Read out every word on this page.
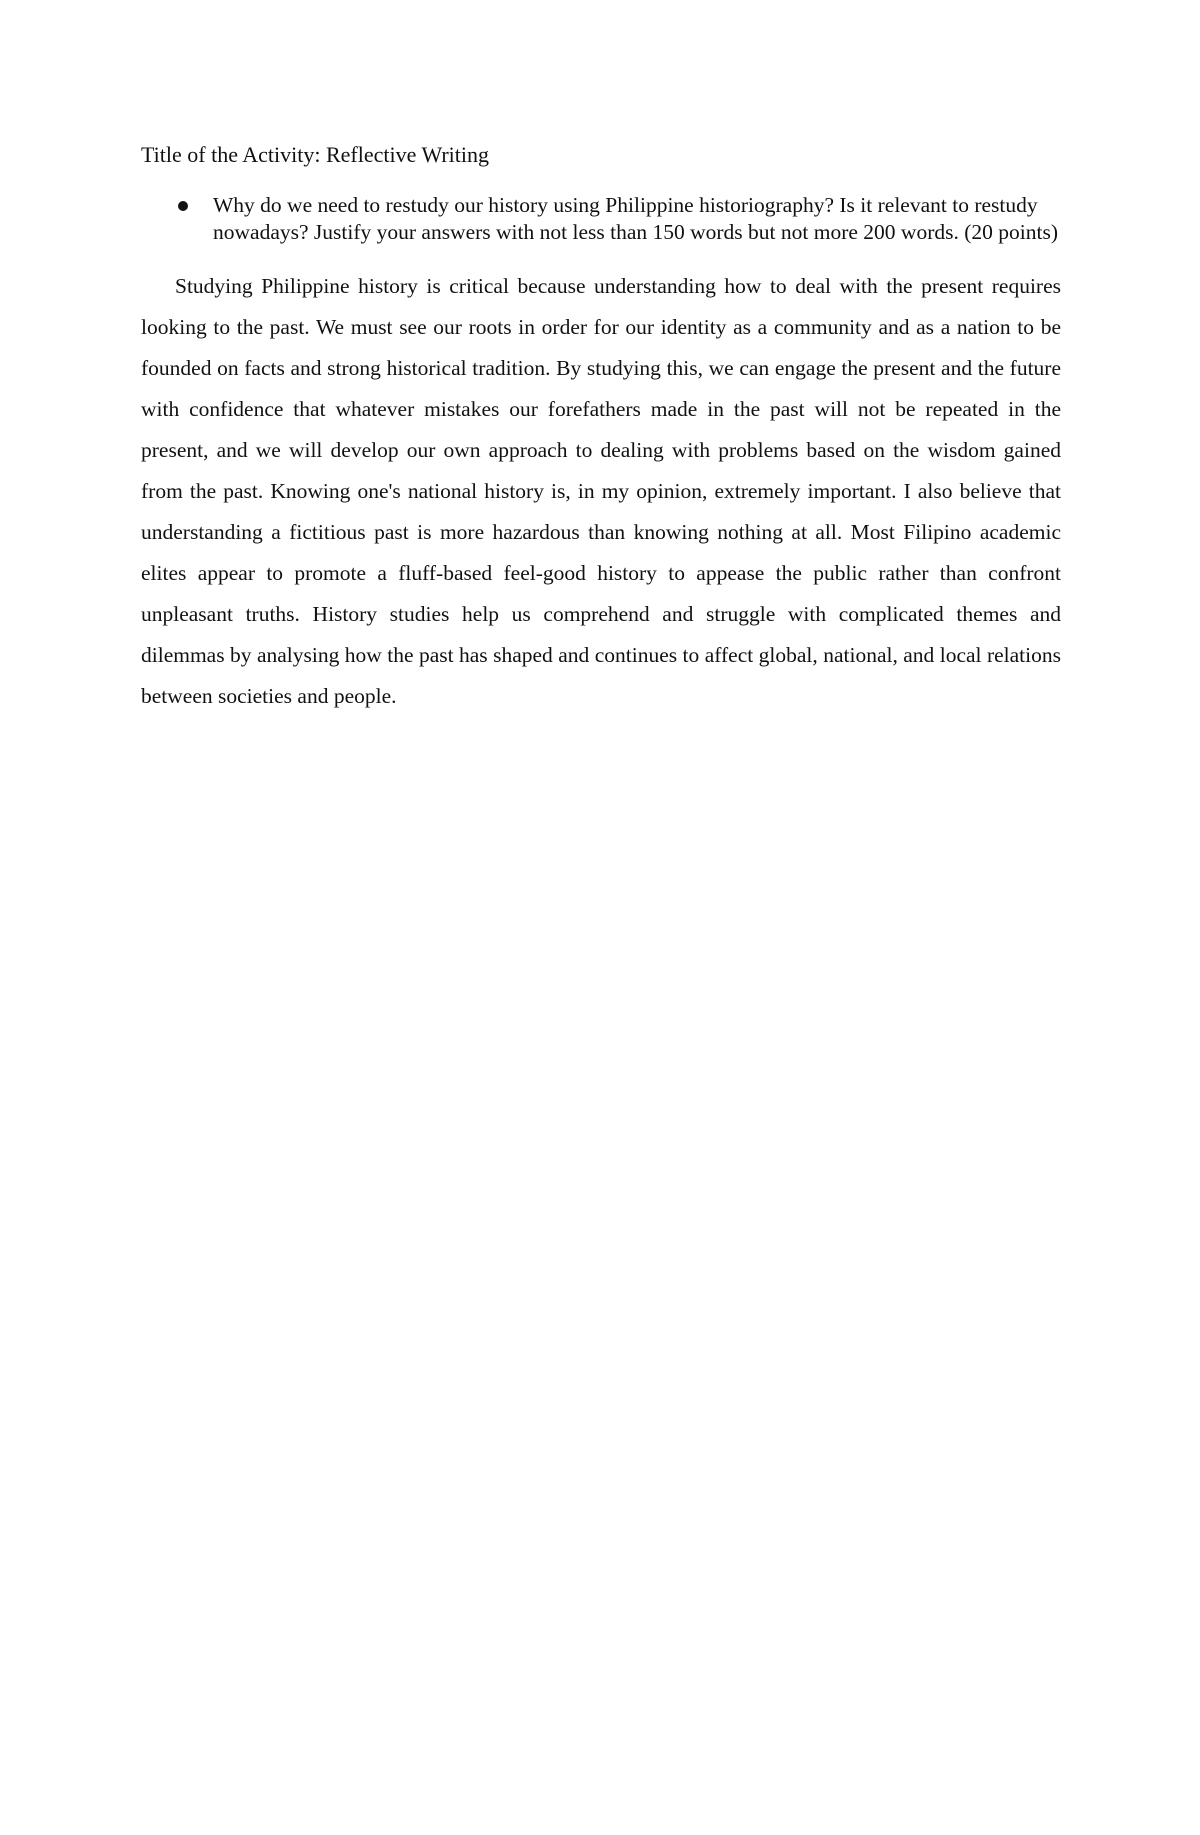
Title of the Activity: Reflective Writing

Why do we need to restudy our history using Philippine historiography? Is it relevant to restudy nowadays? Justify your answers with not less than 150 words but not more 200 words. (20 points)

Studying Philippine history is critical because understanding how to deal with the present requires looking to the past. We must see our roots in order for our identity as a community and as a nation to be founded on facts and strong historical tradition. By studying this, we can engage the present and the future with confidence that whatever mistakes our forefathers made in the past will not be repeated in the present, and we will develop our own approach to dealing with problems based on the wisdom gained from the past. Knowing one's national history is, in my opinion, extremely important. I also believe that understanding a fictitious past is more hazardous than knowing nothing at all. Most Filipino academic elites appear to promote a fluff-based feel-good history to appease the public rather than confront unpleasant truths. History studies help us comprehend and struggle with complicated themes and dilemmas by analysing how the past has shaped and continues to affect global, national, and local relations between societies and people.
